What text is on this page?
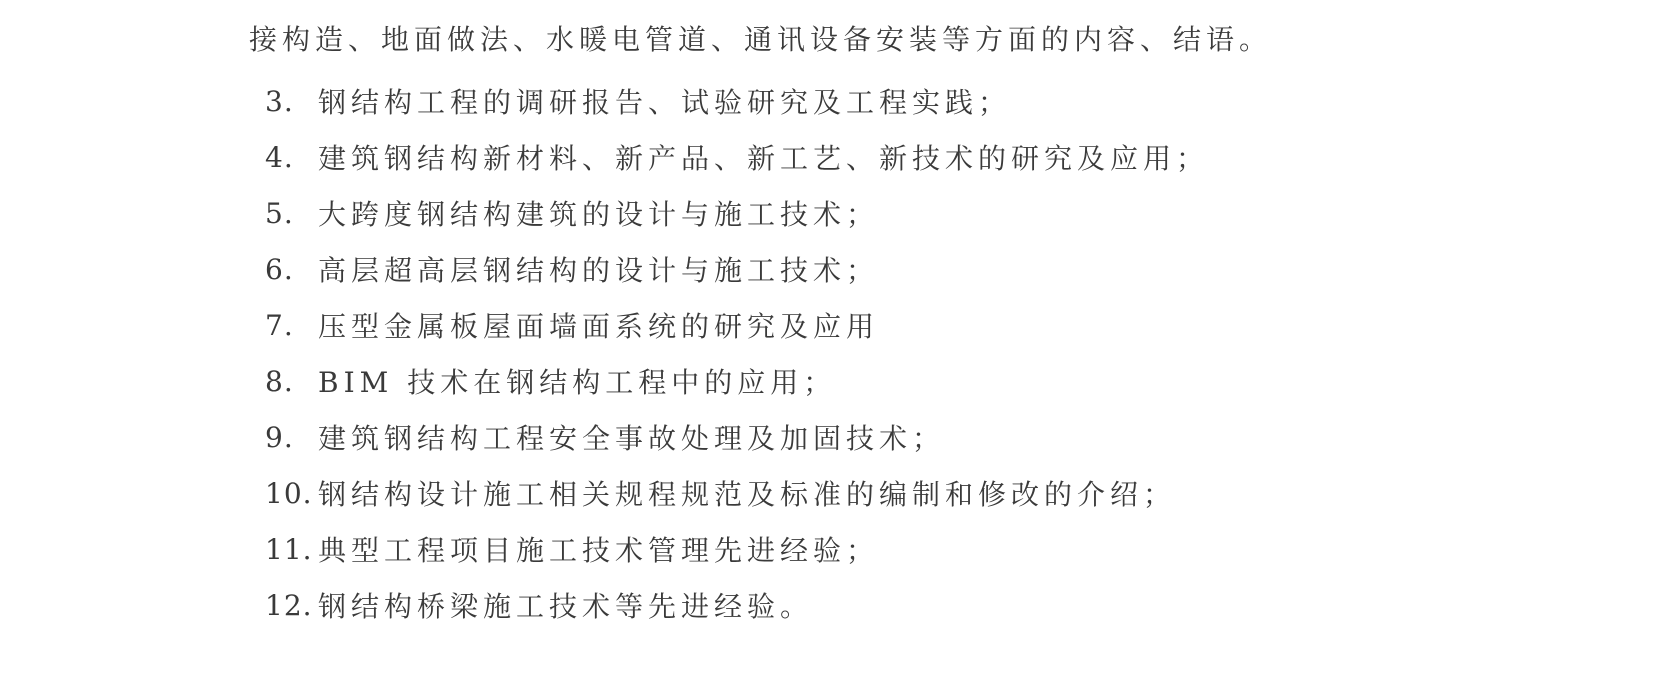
接构造、地面做法、水暖电管道、通讯设备安装等方面的内容、结语。
3. 钢结构工程的调研报告、试验研究及工程实践；
4. 建筑钢结构新材料、新产品、新工艺、新技术的研究及应用；
5. 大跨度钢结构建筑的设计与施工技术；
6. 高层超高层钢结构的设计与施工技术；
7. 压型金属板屋面墙面系统的研究及应用
8. BIM 技术在钢结构工程中的应用；
9. 建筑钢结构工程安全事故处理及加固技术；
10. 钢结构设计施工相关规程规范及标准的编制和修改的介绍；
11. 典型工程项目施工技术管理先进经验；
12. 钢结构桥梁施工技术等先进经验。
